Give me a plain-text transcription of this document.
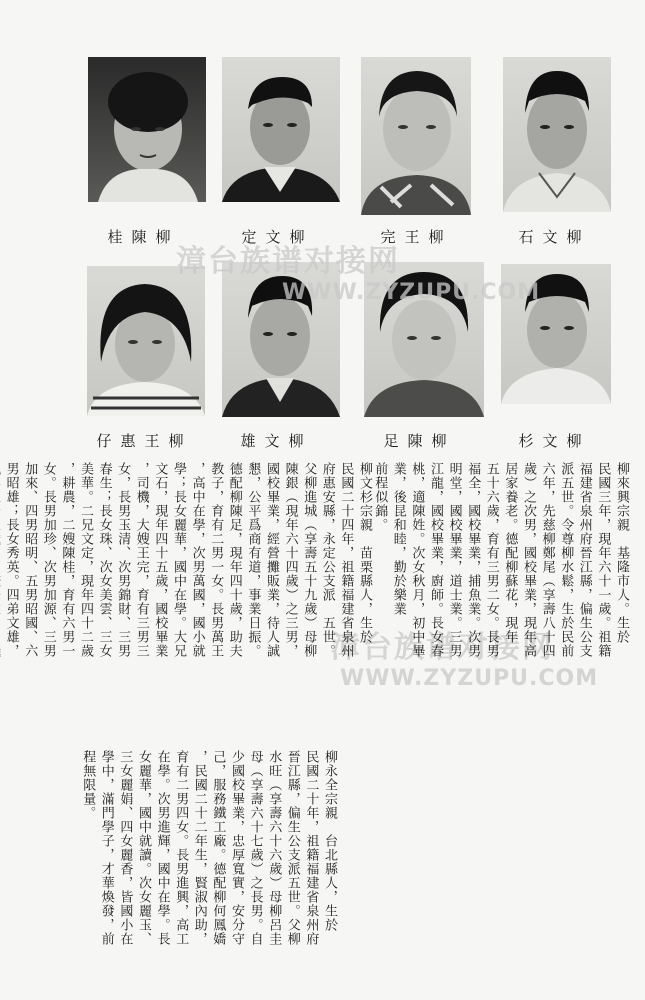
桂 陳 柳	定 文 柳	完 王 柳	石 文 柳
仔 惠 王 柳	雄 文 柳	足 陳 柳	杉 文 柳
漳台族谱对接网
WWW.ZYZUPU.COM
漳台族谱对接网
WWW.ZYZUPU.COM
柳來興宗親　基隆市人。生於
民國三年，現年六十一歲。祖籍
福建省泉州府晉江縣，偏生公支
派五世。令尊柳水鬆，生於民前
六年，先慈柳鄭尾（享壽八十四
歲）之次男，國校畢業，現年高
居家養老。德配柳蘇花，現年
五十六歲，育有三男二女。長男
福全，國校畢業，捕魚業。次男
明堂，國校畢業，道士業。三男
江龍，國校畢業，廚師。長女春
桃，適陳姓。次女秋月，初中畢
業，後昆和睦，勤於樂業
前程似錦。
柳文杉宗親　苗栗縣人，生於
民國二十四年，祖籍福建省泉州
府惠安縣，永定公支派　五世。
父柳進城（享壽五十九歲）母柳
陳銀（現年六十四歲）之三男，
國校畢業，經營攤販業，待人誠
懇，公平爲商有道，事業日振。
德配柳陳足，現年四十歲，助夫
教子，育有二男一女。長男萬王
，高中在學，次男萬國，國小就
學；長女麗華，國中在學。大兄
文石，現年四十五歲，國校畢業
，司機，大嫂王完，育有三男三
女，長男玉清、次男錦財、三男
春生；長女珠、次女美雲、三女
美華。二兄文定，現年四十二歲
，耕農，二嫂陳桂，育有六男一
女。長男加珍、次男加源、三男
加來、四男昭明、五男昭國、六
男昭雄；長女秀英。四弟文雄，
柳永全宗親　台北縣人，生於
民國二十年，祖籍福建省泉州府
晉江縣，偏生公支派五世。父柳
水旺（享壽六十六歲）母柳呂圭
母（享壽六十七歲）之長男。自
少國校畢業，忠厚寬實，安分守
己，服務鐵工廠。德配柳何鳳嬌
，民國二十二年生，賢淑內助，
育有二男四女。長男進興，高工
在學。次男進輝，國中在學。長
女麗華，國中就讀。次女麗玉、
三女麗娟、四女麗香，皆國小在
學中，滿門學子，才華煥發，前
程無限量。
